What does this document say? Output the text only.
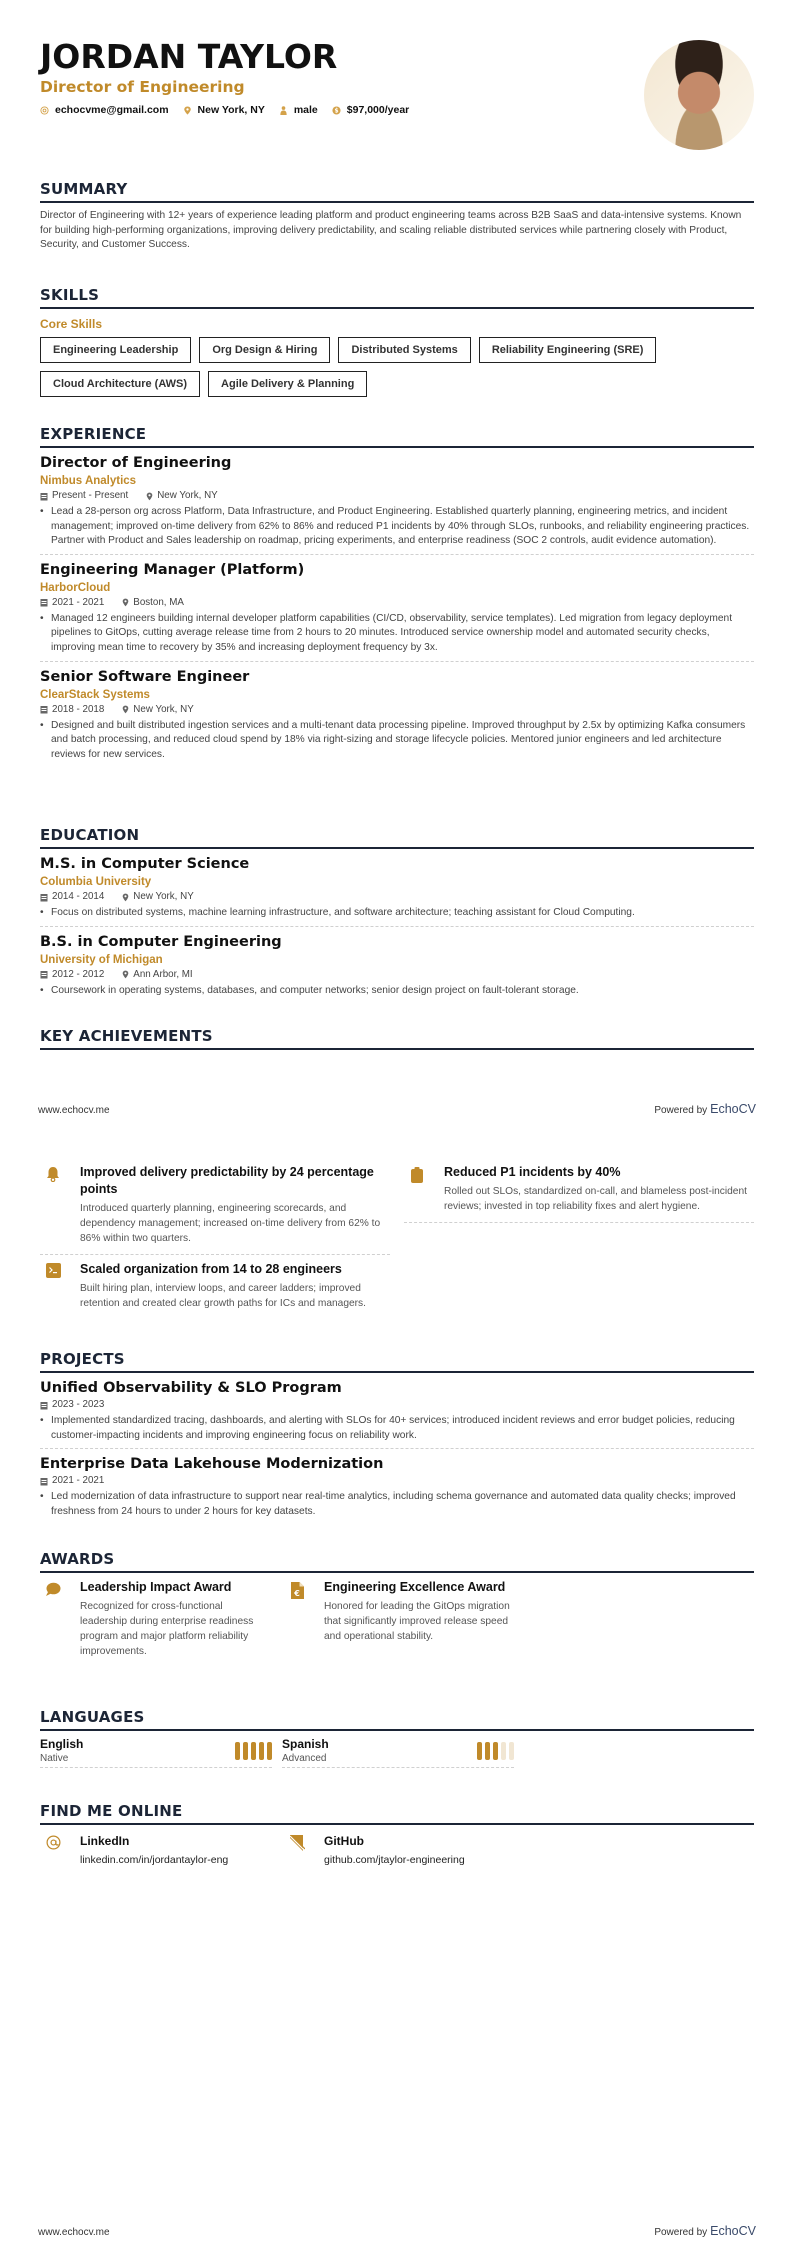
JORDAN TAYLOR
Director of Engineering
echocvme@gmail.com	New York, NY	male	$ $97,000/year
SUMMARY
Director of Engineering with 12+ years of experience leading platform and product engineering teams across B2B SaaS and data-intensive systems. Known for building high-performing organizations, improving delivery predictability, and scaling reliable distributed services while partnering closely with Product, Security, and Customer Success.
SKILLS
Core Skills
Engineering Leadership	Org Design & Hiring	Distributed Systems	Reliability Engineering (SRE)
Cloud Architecture (AWS)	Agile Delivery & Planning
EXPERIENCE
Director of Engineering
Nimbus Analytics
Present - Present	New York, NY
• Lead a 28-person org across Platform, Data Infrastructure, and Product Engineering. Established quarterly planning, engineering metrics, and incident management; improved on-time delivery from 62% to 86% and reduced P1 incidents by 40% through SLOs, runbooks, and reliability engineering practices. Partner with Product and Sales leadership on roadmap, pricing experiments, and enterprise readiness (SOC 2 controls, audit evidence automation).
Engineering Manager (Platform)
HarborCloud
2021 - 2021	Boston, MA
• Managed 12 engineers building internal developer platform capabilities (CI/CD, observability, service templates). Led migration from legacy deployment pipelines to GitOps, cutting average release time from 2 hours to 20 minutes. Introduced service ownership model and automated security checks, improving mean time to recovery by 35% and increasing deployment frequency by 3x.
Senior Software Engineer
ClearStack Systems
2018 - 2018	New York, NY
• Designed and built distributed ingestion services and a multi-tenant data processing pipeline. Improved throughput by 2.5x by optimizing Kafka consumers and batch processing, and reduced cloud spend by 18% via right-sizing and storage lifecycle policies. Mentored junior engineers and led architecture reviews for new services.
EDUCATION
M.S. in Computer Science
Columbia University
2014 - 2014	New York, NY
• Focus on distributed systems, machine learning infrastructure, and software architecture; teaching assistant for Cloud Computing.
B.S. in Computer Engineering
University of Michigan
2012 - 2012	Ann Arbor, MI
• Coursework in operating systems, databases, and computer networks; senior design project on fault-tolerant storage.
KEY ACHIEVEMENTS
www.echocv.me	Powered by EchoCV
Improved delivery predictability by 24 percentage points
Introduced quarterly planning, engineering scorecards, and dependency management; increased on-time delivery from 62% to 86% within two quarters.
Reduced P1 incidents by 40%
Rolled out SLOs, standardized on-call, and blameless post-incident reviews; invested in top reliability fixes and alert hygiene.
Scaled organization from 14 to 28 engineers
Built hiring plan, interview loops, and career ladders; improved retention and created clear growth paths for ICs and managers.
PROJECTS
Unified Observability & SLO Program
2023 - 2023
• Implemented standardized tracing, dashboards, and alerting with SLOs for 40+ services; introduced incident reviews and error budget policies, reducing customer-impacting incidents and improving engineering focus on reliability work.
Enterprise Data Lakehouse Modernization
2021 - 2021
• Led modernization of data infrastructure to support near real-time analytics, including schema governance and automated data quality checks; improved freshness from 24 hours to under 2 hours for key datasets.
AWARDS
Leadership Impact Award
Recognized for cross-functional leadership during enterprise readiness program and major platform reliability improvements.
€ Engineering Excellence Award
Honored for leading the GitOps migration that significantly improved release speed and operational stability.
LANGUAGES
English
Native
Spanish
Advanced
FIND ME ONLINE
LinkedIn
linkedin.com/in/jordantaylor-eng
GitHub
github.com/jtaylor-engineering
www.echocv.me	Powered by EchoCV
